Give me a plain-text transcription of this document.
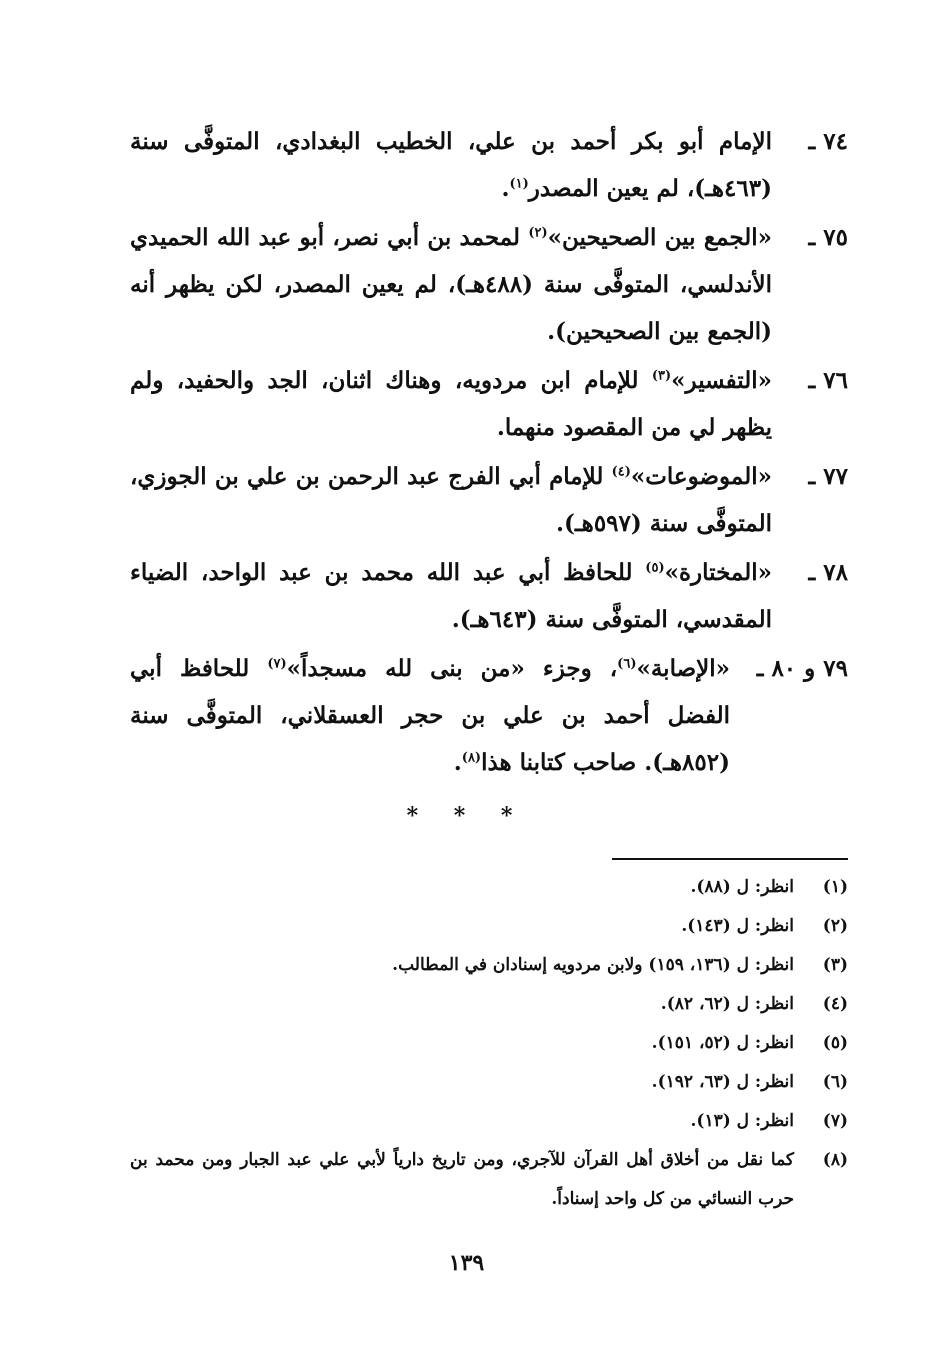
٧٤ ـ
الإمام أبو بكر أحمد بن علي، الخطيب البغدادي، المتوفَّى سنة (٤٦٣هـ)، لم يعين المصدر$^{(١)}$.
٧٥ ـ
«الجمع بين الصحيحين»$^{(٢)}$ لمحمد بن أبي نصر، أبو عبد الله الحميدي الأندلسي، المتوفَّى سنة (٤٨٨هـ)، لم يعين المصدر، لكن يظهر أنه (الجمع بين الصحيحين).
٧٦ ـ
«التفسير»$^{(٣)}$ للإمام ابن مردويه، وهناك اثنان، الجد والحفيد، ولم يظهر لي من المقصود منهما.
٧٧ ـ
«الموضوعات»$^{(٤)}$ للإمام أبي الفرج عبد الرحمن بن علي بن الجوزي، المتوفَّى سنة (٥٩٧هـ).
٧٨ ـ
«المختارة»$^{(٥)}$ للحافظ أبي عبد الله محمد بن عبد الواحد، الضياء المقدسي، المتوفَّى سنة (٦٤٣هـ).
٧٩ و ٨٠ ـ
«الإصابة»$^{(٦)}$، وجزء «من بنى لله مسجداً»$^{(٧)}$ للحافظ أبي الفضل أحمد بن علي بن حجر العسقلاني، المتوفَّى سنة (٨٥٢هـ). صاحب كتابنا هذا$^{(٨)}$.
* * *
(١)
انظر: ل (٨٨).
(٢)
انظر: ل (١٤٣).
(٣)
انظر: ل (١٣٦، ١٥٩) ولابن مردويه إسنادان في المطالب.
(٤)
انظر: ل (٦٢، ٨٢).
(٥)
انظر: ل (٥٢، ١٥١).
(٦)
انظر: ل (٦٣، ١٩٢).
(٧)
انظر: ل (١٣).
(٨)
كما نقل من أخلاق أهل القرآن للآجري، ومن تاريخ دارياً لأبي علي عبد الجبار ومن محمد بن حرب النسائي من كل واحد إسناداً.
١٣٩
